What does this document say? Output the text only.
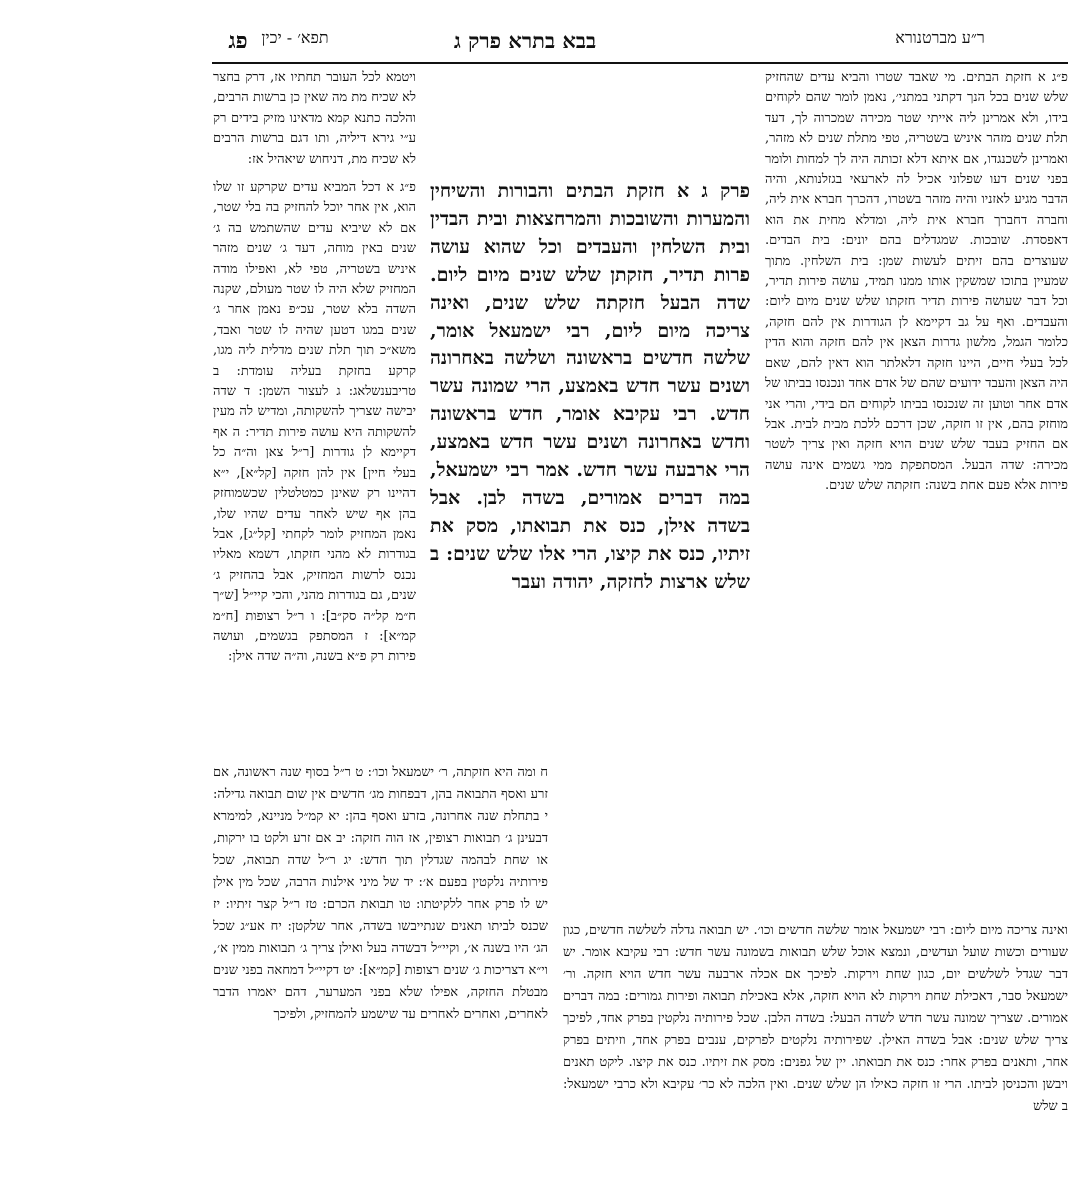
ר״ע מברטנורא
בבא בתרא פרק ג
תפא׳ - יכין
פג

פ״ג א חזקת הבתים. מי שאבד שטרו והביא עדים שהחזיק שלש שנים בכל הנך דקתני במתני׳, נאמן לומר שהם לקוחים בידו, ולא אמרינן ליה אייתי שטר מכירה שמכרוה לך, דעד תלת שנים מזהר איניש בשטריה, טפי מתלת שנים לא מזהר, ואמרינן לשכנגדו, אם איתא דלא זכותה היה לך למחות ולומר בפני שנים דעו שפלוני אכיל לה לארעאי בגזלנותא, והיה הדבר מגיע לאזניו והיה מזהר בשטרו, דהכרך חברא אית ליה, וחברה דחברך חברא אית ליה, ומדלא מחית את הוא דאפסדת. שובכות. שמגדלים בהם יונים: בית הבדים. שעוצרים בהם זיתים לעשות שמן: בית השלחין. מתוך שמעיין בתוכו שמשקין אותו ממנו תמיד, עושה פירות תדיר, וכל דבר שעושה פירות תדיר חזקתו שלש שנים מיום ליום: והעבדים. ואף על גב דקיימא לן הגודרות אין להם חזקה, כלומר הגמל, מלשון גדרות הצאן אין להם חזקה והוא הדין לכל בעלי חיים, היינו חזקה דלאלתר הוא דאין להם, שאם היה הצאן והעבד ידועים שהם של אדם אחד ונכנסו בביתו של אדם אחר וטוען זה שנכנסו בביתו לקוחים הם בידי, והרי אני מוחזק בהם, אין זו חזקה, שכן דרכם ללכת מבית לבית. אבל אם החזיק בעבד שלש שנים הויא חזקה ואין צריך לשטר מכירה: שדה הבעל. המסתפקת ממי גשמים אינה עושה פירות אלא פעם אחת בשנה: חזקתה שלש שנים.

פרק ג א חזקת הבתים והבורות והשיחין והמערות והשובכות והמרחצאות ובית הבדין ובית השלחין והעבדים וכל שהוא עושה פרות תדיר, חזקתן שלש שנים מיום ליום. שדה הבעל חזקתה שלש שנים, ואינה צריכה מיום ליום, רבי ישמעאל אומר, שלשה חדשים בראשונה ושלשה באחרונה ושנים עשר חדש באמצע, הרי שמונה עשר חדש. רבי עקיבא אומר, חדש בראשונה וחדש באחרונה ושנים עשר חדש באמצע, הרי ארבעה עשר חדש. אמר רבי ישמעאל, במה דברים אמורים, בשדה לבן. אבל בשדה אילן, כנס את תבואתו, מסק את זיתיו, כנס את קיצו, הרי אלו שלש שנים: ב שלש ארצות לחזקה, יהודה ועבר

ויטמא לכל העובר תחתיו אז, דרק בחצר לא שכיח מת מה שאין כן ברשות הרבים, והלכה כתנא קמא מדאינו מזיק בידים רק ע״י גירא דיליה, ותו דגם ברשות הרבים לא שכיח מת, דניחוש שיאהיל אז:

פ״ג א דכל המביא עדים שקרקע זו שלו הוא, אין אחר יוכל להחזיק בה בלי שטר, אם לא שיביא עדים שהשתמש בה ג׳ שנים באין מוחה, דעד ג׳ שנים מזהר איניש בשטריה, טפי לא, ואפילו מודה המחזיק שלא היה לו שטר מעולם, שקנה השדה בלא שטר, עכ״פ נאמן אחר ג׳ שנים במגו דטען שהיה לו שטר ואבד, משא״כ תוך תלת שנים מדלית ליה מגו, קרקע בחזקת בעליה עומדת: ב טריבענשלאג: ג לעצור השמן: ד שדה יבישה שצריך להשקותה, ומדיש לה מעין להשקותה היא עושה פירות תדיר: ה אף דקיימא לן גודרות [ר״ל צאן וה״ה כל בעלי חיין] אין להן חזקה [קל״א], י״א דהיינו רק שאינן כמטלטלין שכשמוחזק בהן אף שיש לאחר עדים שהיו שלו, נאמן המחזיק לומר לקחתי [קל״ג], אבל בגודרות לא מהני חזקתו, דשמא מאליו נכנס לרשות המחזיק, אבל בהחזיק ג׳ שנים, גם בגודרות מהני, והכי קיי״ל [ש״ך ח״מ קל״ה סק״ב]: ו ר״ל רצופות [ח״מ קמ״א]: ז המסתפק בגשמים, ועושה פירות רק פ״א בשנה, וה״ה שדה אילן:

ואינה צריכה מיום ליום: רבי ישמעאל אומר שלשה חדשים וכו׳. יש תבואה גדלה לשלשה חדשים, כגון שעורים וכשות שועל ועדשים, ונמצא אוכל שלש תבואות בשמונה עשר חדש: רבי עקיבא אומר. יש דבר שגדל לשלשים יום, כגון שחת וירקות. לפיכך אם אכלה ארבעה עשר חדש הויא חזקה. ור׳ ישמעאל סבר, דאכילת שחת וירקות לא הויא חזקה, אלא באכילת תבואה ופירות גמורים: במה דברים אמורים. שצריך שמונה עשר חדש לשדה הבעל: בשדה הלבן. שכל פירותיה נלקטין בפרק אחד, לפיכך צריך שלש שנים: אבל בשדה האילן. שפירותיה נלקטים לפרקים, ענבים בפרק אחד, וזיתים בפרק אחר, ותאנים בפרק אחר: כנס את תבואתו. יין של גפנים: מסק את זיתיו. כנס את קיצו. ליקט תאנים ויבשן והכניסן לביתו. הרי זו חזקה כאילו הן שלש שנים. ואין הלכה לא כר׳ עקיבא ולא כרבי ישמעאל: ב שלש

ח ומה היא חזקתה, ר׳ ישמעאל וכו׳: ט ר״ל בסוף שנה ראשונה, אם זרע ואסף התבואה בהן, דבפחות מג׳ חדשים אין שום תבואה גדילה: י בתחלת שנה אחרונה, בזרע ואסף בהן: יא קמ״ל מניינא, למימרא דבעינן ג׳ תבואות רצופין, אז הוה חזקה: יב אם זרע ולקט בו ירקות, או שחת לבהמה שגדלין תוך חדש: יג ר״ל שדה תבואה, שכל פירותיה נלקטין בפעם א׳: יד של מיני אילנות הרבה, שכל מין אילן יש לו פרק אחר ללקיטתו: טו תבואת הכרם: טז ר״ל קצר זיתיו: יז שכנס לביתו תאנים שנתייבשו בשדה, אחר שלקטן: יח אע״ג שכל הג׳ היו בשנה א׳, וקיי״ל דבשדה בעל ואילן צריך ג׳ תבואות ממין א׳, וי״א דצריכות ג׳ שנים רצופות [קמ״א]: יט דקיי״ל דמחאה בפני שנים מבטלת החזקה, אפילו שלא בפני המערער, דהם יאמרו הדבר לאחרים, ואחרים לאחרים עד שישמע להמחזיק, ולפיכך
